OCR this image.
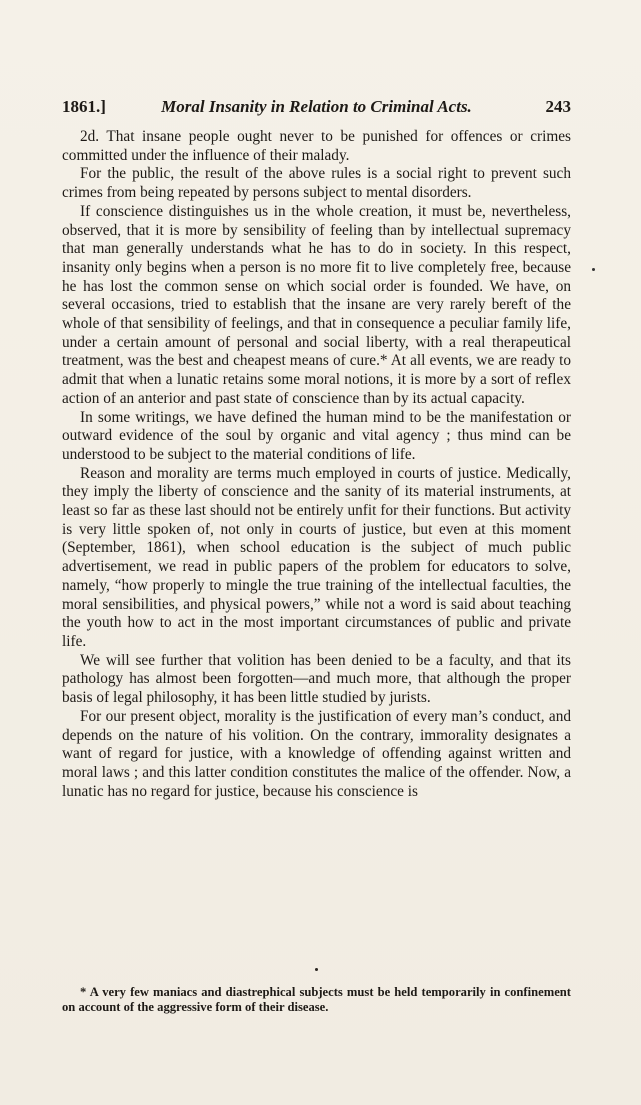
1861.]	Moral Insanity in Relation to Criminal Acts.	243

2d. That insane people ought never to be punished for offences or crimes committed under the influence of their malady.

For the public, the result of the above rules is a social right to prevent such crimes from being repeated by persons subject to mental disorders.

If conscience distinguishes us in the whole creation, it must be, nevertheless, observed, that it is more by sensibility of feeling than by intellectual supremacy that man generally understands what he has to do in society. In this respect, insanity only begins when a person is no more fit to live completely free, because he has lost the common sense on which social order is founded. We have, on several occasions, tried to establish that the insane are very rarely bereft of the whole of that sensibility of feelings, and that in consequence a peculiar family life, under a certain amount of personal and social liberty, with a real therapeutical treatment, was the best and cheapest means of cure.* At all events, we are ready to admit that when a lunatic retains some moral notions, it is more by a sort of reflex action of an anterior and past state of conscience than by its actual capacity.

In some writings, we have defined the human mind to be the manifestation or outward evidence of the soul by organic and vital agency ; thus mind can be understood to be subject to the material conditions of life.

Reason and morality are terms much employed in courts of justice. Medically, they imply the liberty of conscience and the sanity of its material instruments, at least so far as these last should not be entirely unfit for their functions. But activity is very little spoken of, not only in courts of justice, but even at this moment (September, 1861), when school education is the subject of much public advertisement, we read in public papers of the problem for educators to solve, namely, “how properly to mingle the true training of the intellectual faculties, the moral sensibilities, and physical powers,” while not a word is said about teaching the youth how to act in the most important circumstances of public and private life.

We will see further that volition has been denied to be a faculty, and that its pathology has almost been forgotten—and much more, that although the proper basis of legal philosophy, it has been little studied by jurists.

For our present object, morality is the justification of every man’s conduct, and depends on the nature of his volition. On the contrary, immorality designates a want of regard for justice, with a knowledge of offending against written and moral laws ; and this latter condition constitutes the malice of the offender. Now, a lunatic has no regard for justice, because his conscience is

* A very few maniacs and diastrephical subjects must be held temporarily in confinement on account of the aggressive form of their disease.
